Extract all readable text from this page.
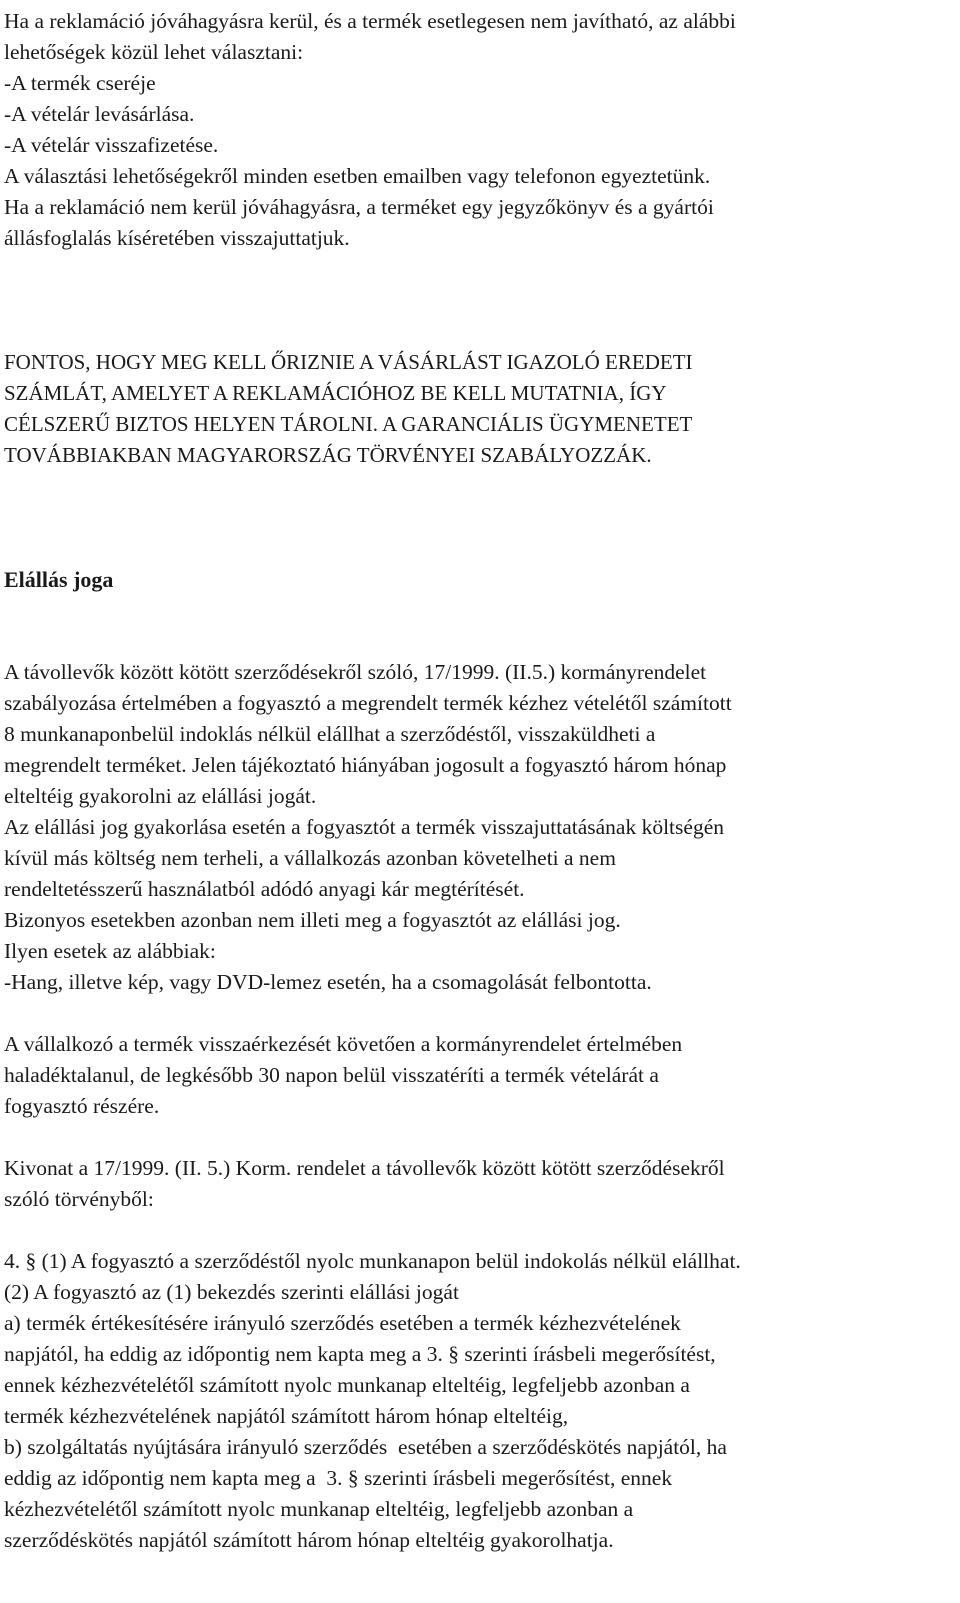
Ha a reklamáció jóváhagyásra kerül, és a termék esetlegesen nem javítható, az alábbi
lehetőségek közül lehet választani:
-A termék cseréje
-A vételár levásárlása.
-A vételár visszafizetése.
A választási lehetőségekről minden esetben emailben vagy telefonon egyeztetünk.
Ha a reklamáció nem kerül jóváhagyásra, a terméket egy jegyzőkönyv és a gyártói
állásfoglalás kíséretében visszajuttatjuk.
FONTOS, HOGY MEG KELL ŐRIZNIE A VÁSÁRLÁST IGAZOLÓ EREDETI
SZÁMLÁT, AMELYET A REKLAMÁCIÓHOZ BE KELL MUTATNIA, ÍGY
CÉLSZERŰ BIZTOS HELYEN TÁROLNI. A GARANCIÁLIS ÜGYMENETET
TOVÁBBIAKBAN MAGYARORSZÁG TÖRVÉNYEI SZABÁLYOZZÁK.
Elállás joga
A távollevők között kötött szerződésekről szóló, 17/1999. (II.5.) kormányrendelet
szabályozása értelmében a fogyasztó a megrendelt termék kézhez vételétől számított
8 munkanaponbelül indoklás nélkül elállhat a szerződéstől, visszaküldheti a
megrendelt terméket. Jelen tájékoztató hiányában jogosult a fogyasztó három hónap
elteltéig gyakorolni az elállási jogát.
Az elállási jog gyakorlása esetén a fogyasztót a termék visszajuttatásának költségén
kívül más költség nem terheli, a vállalkozás azonban követelheti a nem
rendeltetésszerű használatból adódó anyagi kár megtérítését.
Bizonyos esetekben azonban nem illeti meg a fogyasztót az elállási jog.
Ilyen esetek az alábbiak:
-Hang, illetve kép, vagy DVD-lemez esetén, ha a csomagolását felbontotta.
A vállalkozó a termék visszaérkezését követően a kormányrendelet értelmében
haladéktalanul, de legkésőbb 30 napon belül visszatéríti a termék vételárát a
fogyasztó részére.
Kivonat a 17/1999. (II. 5.) Korm. rendelet a távollevők között kötött szerződésekről
szóló törvényből:
4. § (1) A fogyasztó a szerződéstől nyolc munkanapon belül indokolás nélkül elállhat.
(2) A fogyasztó az (1) bekezdés szerinti elállási jogát
a) termék értékesítésére irányuló szerződés esetében a termék kézhezvételének
napjától, ha eddig az időpontig nem kapta meg a 3. § szerinti írásbeli megerősítést,
ennek kézhezvételétől számított nyolc munkanap elteltéig, legfeljebb azonban a
termék kézhezvételének napjától számított három hónap elteltéig,
b) szolgáltatás nyújtására irányuló szerződés  esetében a szerződéskötés napjától, ha
eddig az időpontig nem kapta meg a  3. § szerinti írásbeli megerősítést, ennek
kézhezvételétől számított nyolc munkanap elteltéig, legfeljebb azonban a
szerződéskötés napjától számított három hónap elteltéig gyakorolhatja.
